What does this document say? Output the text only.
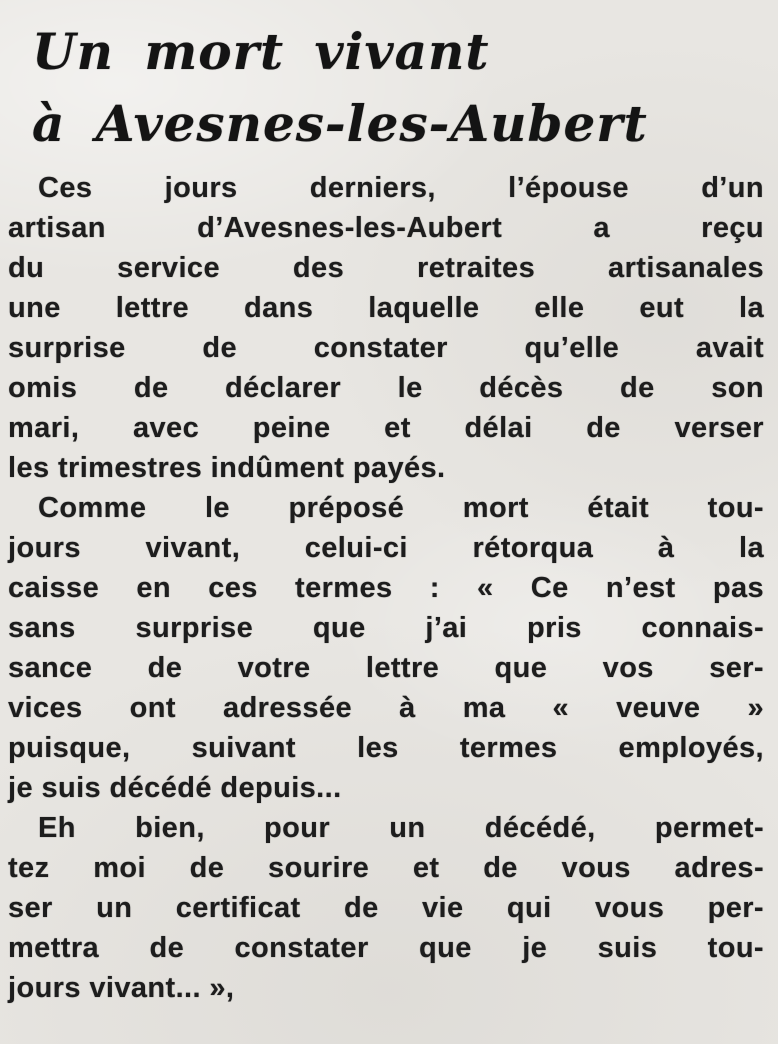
Un mort vivant
à Avesnes-les-Aubert
Ces jours derniers, l’épouse d’un
artisan d’Avesnes-les-Aubert a reçu
du service des retraites artisanales
une lettre dans laquelle elle eut la
surprise de constater qu’elle avait
omis de déclarer le décès de son
mari, avec peine et délai de verser
les trimestres indûment payés.
Comme le préposé mort était tou-
jours vivant, celui-ci rétorqua à la
caisse en ces termes : « Ce n’est pas
sans surprise que j’ai pris connais-
sance de votre lettre que vos ser-
vices ont adressée à ma « veuve »
puisque, suivant les termes employés,
je suis décédé depuis...
Eh bien, pour un décédé, permet-
tez moi de sourire et de vous adres-
ser un certificat de vie qui vous per-
mettra de constater que je suis tou-
jours vivant... »,
